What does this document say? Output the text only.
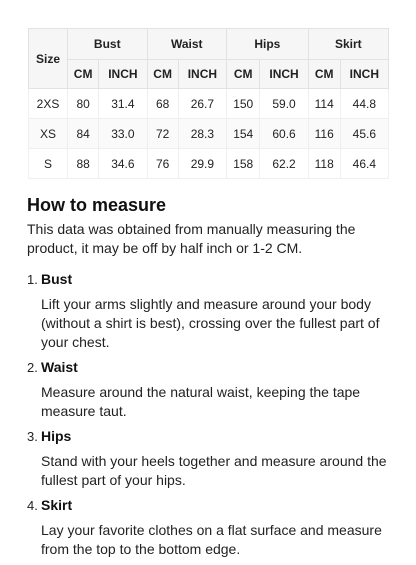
Size	Bust		Waist		Hips		Skirt	
	CM	INCH	CM	INCH	CM	INCH	CM	INCH
2XS	80	31.4	68	26.7	150	59.0	114	44.8
XS	84	33.0	72	28.3	154	60.6	116	45.6
S	88	34.6	76	29.9	158	62.2	118	46.4
How to measure

This data was obtained from manually measuring the product, it may be off by half inch or 1-2 CM.

1. Bust

Lift your arms slightly and measure around your body (without a shirt is best), crossing over the fullest part of your chest.

2. Waist

Measure around the natural waist, keeping the tape measure taut.

3. Hips

Stand with your heels together and measure around the fullest part of your hips.

4. Skirt

Lay your favorite clothes on a flat surface and measure from the top to the bottom edge.
